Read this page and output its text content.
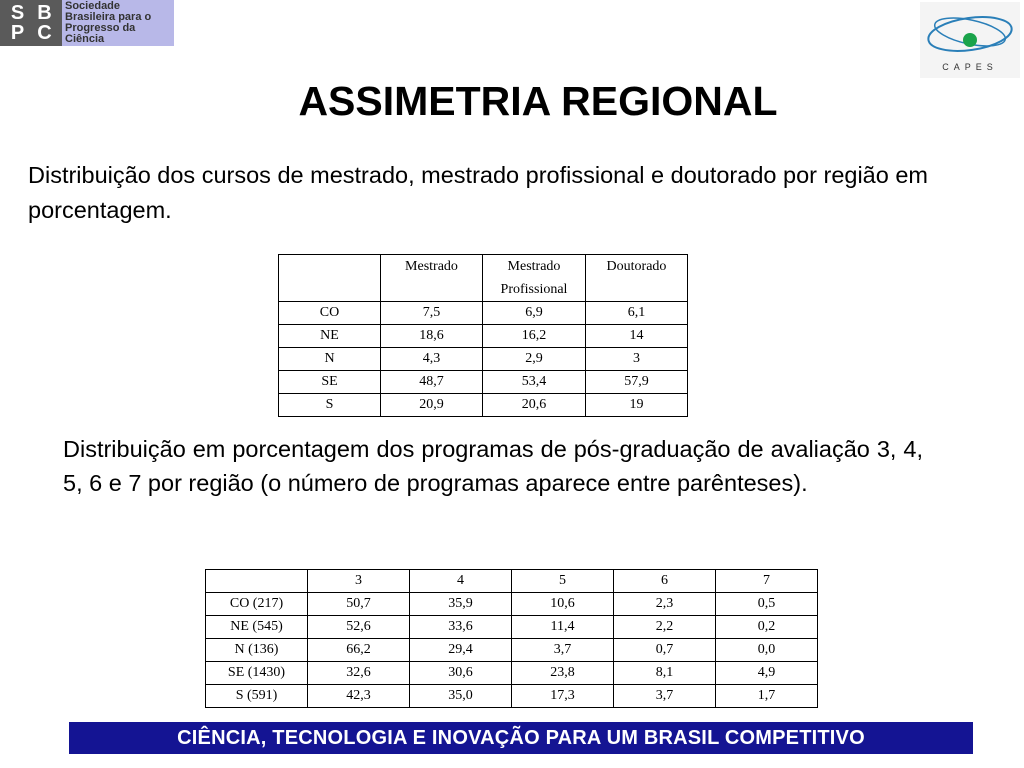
S B
P C
Sociedade
Brasileira para o
Progresso da
Ciência
CAPES
ASSIMETRIA REGIONAL
Distribuição dos cursos de mestrado, mestrado profissional e doutorado por região em porcentagem.
	Mestrado	Mestrado Profissional	Doutorado
CO	7,5	6,9	6,1
NE	18,6	16,2	14
N	4,3	2,9	3
SE	48,7	53,4	57,9
S	20,9	20,6	19
Distribuição em porcentagem dos programas de pós-graduação de avaliação 3, 4, 5, 6 e 7 por região (o número de programas aparece entre parênteses).
	3	4	5	6	7
CO (217)	50,7	35,9	10,6	2,3	0,5
NE (545)	52,6	33,6	11,4	2,2	0,2
N (136)	66,2	29,4	3,7	0,7	0,0
SE (1430)	32,6	30,6	23,8	8,1	4,9
S (591)	42,3	35,0	17,3	3,7	1,7
CIÊNCIA, TECNOLOGIA E INOVAÇÃO PARA UM BRASIL COMPETITIVO
